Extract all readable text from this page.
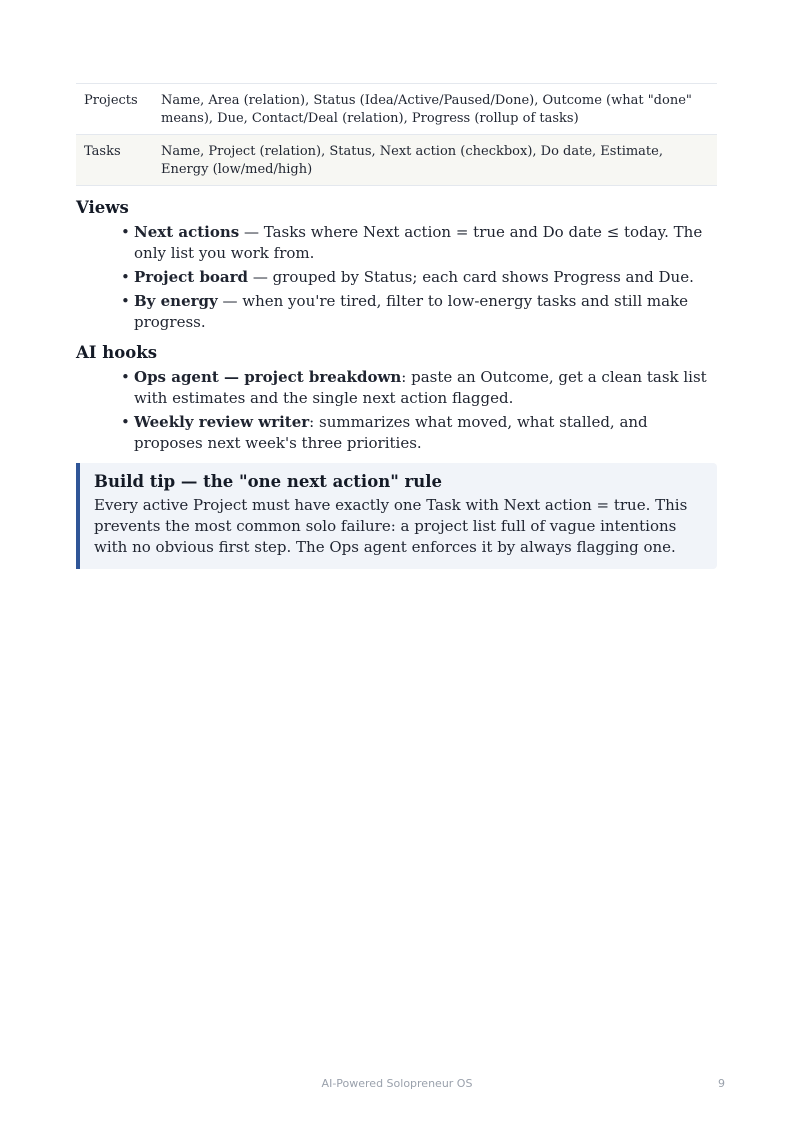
Projects	Name, Area (relation), Status (Idea/Active/Paused/Done), Outcome (what "done" means), Due, Contact/Deal (relation), Progress (rollup of tasks)
Tasks	Name, Project (relation), Status, Next action (checkbox), Do date, Estimate, Energy (low/med/high)
Views
• Next actions — Tasks where Next action = true and Do date ≤ today. The only list you work from.
• Project board — grouped by Status; each card shows Progress and Due.
• By energy — when you're tired, filter to low-energy tasks and still make progress.
AI hooks
• Ops agent — project breakdown: paste an Outcome, get a clean task list with estimates and the single next action flagged.
• Weekly review writer: summarizes what moved, what stalled, and proposes next week's three priorities.
Build tip — the "one next action" rule
Every active Project must have exactly one Task with Next action = true. This prevents the most common solo failure: a project list full of vague intentions with no obvious first step. The Ops agent enforces it by always flagging one.
AI-Powered Solopreneur OS	9
